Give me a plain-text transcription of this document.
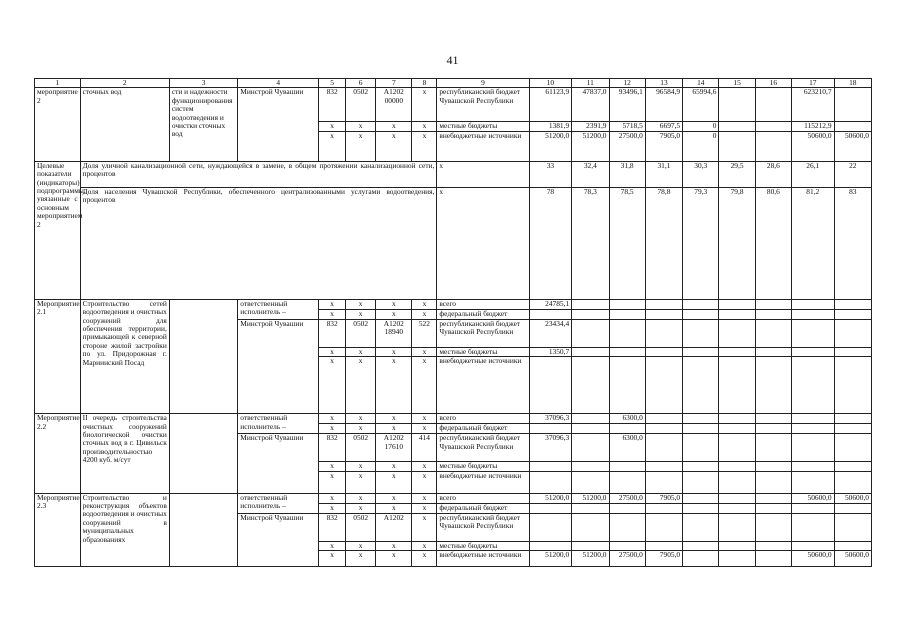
41
1	2	3	4	5	6	7	8	9	10	11	12	13	14	15	16	17	18
мероприятие 2	сточных вод	сти и надежности функционирования систем водоотведения и очистки сточных вод	Минстрой Чувашии	832	0502	А1202 00000	x	республиканский бюджет Чувашской Республики	61123,9	47837,0	93496,1	96584,9	65994,6			623210,7	
				x	x	x	x	местные бюджеты	1381,9	2391,9	5718,5	6697,5	0			115212,9	
				x	x	x	x	внебюджетные источники	51200,0	51200,0	27500,0	7905,0	0			50600,0	50600,0
Целевые показатели (индикаторы) подпрограммы, увязанные с основным мероприятием 2	Доля уличной канализационной сети, нуждающейся в замене, в общем протяжении канализационной сети, процентов							x	33	32,4	31,8	31,1	30,3	29,5	28,6	26,1	22
	Доля населения Чувашской Республики, обеспеченного централизованными услугами водоотведения, процентов							x	78	78,3	78,5	78,8	79,3	79,8	80,6	81,2	83
Мероприятие 2.1	Строительство сетей водоотведения и очистных сооружений для обеспечения территории, примыкающей к северной стороне жилой застройки по ул. Придорожная г. Мариинский Посад		ответственный исполнитель –	x	x	x	x	всего	24785,1								
				x	x	x	x	федеральный бюджет									
			Минстрой Чувашии	832	0502	А1202 18940	522	республиканский бюджет Чувашской Республики	23434,4								
				x	x	x	x	местные бюджеты	1350,7								
				x	x	x	x	внебюджетные источники									
Мероприятие 2.2	II очередь строительства очистных сооружений биологической очистки сточных вод в г. Цивильск производительностью 4200 куб. м/сут		ответственный исполнитель –	x	x	x	x	всего	37096,3		6300,0						
				x	x	x	x	федеральный бюджет									
			Минстрой Чувашии	832	0502	А1202 17610	414	республиканский бюджет Чувашской Республики	37096,3		6300,0						
				x	x	x	x	местные бюджеты									
				x	x	x	x	внебюджетные источники									
Мероприятие 2.3	Строительство и реконструкция объектов водоотведения и очистных сооружений в муниципальных образованиях		ответственный исполнитель –	x	x	x	x	всего	51200,0	51200,0	27500,0	7905,0				50600,0	50600,0
				x	x	x	x	федеральный бюджет									
			Минстрой Чувашии	832	0502	А1202	x	республиканский бюджет Чувашской Республики									
				x	x	x	x	местные бюджеты									
				x	x	x	x	внебюджетные источники	51200,0	51200,0	27500,0	7905,0				50600,0	50600,0
